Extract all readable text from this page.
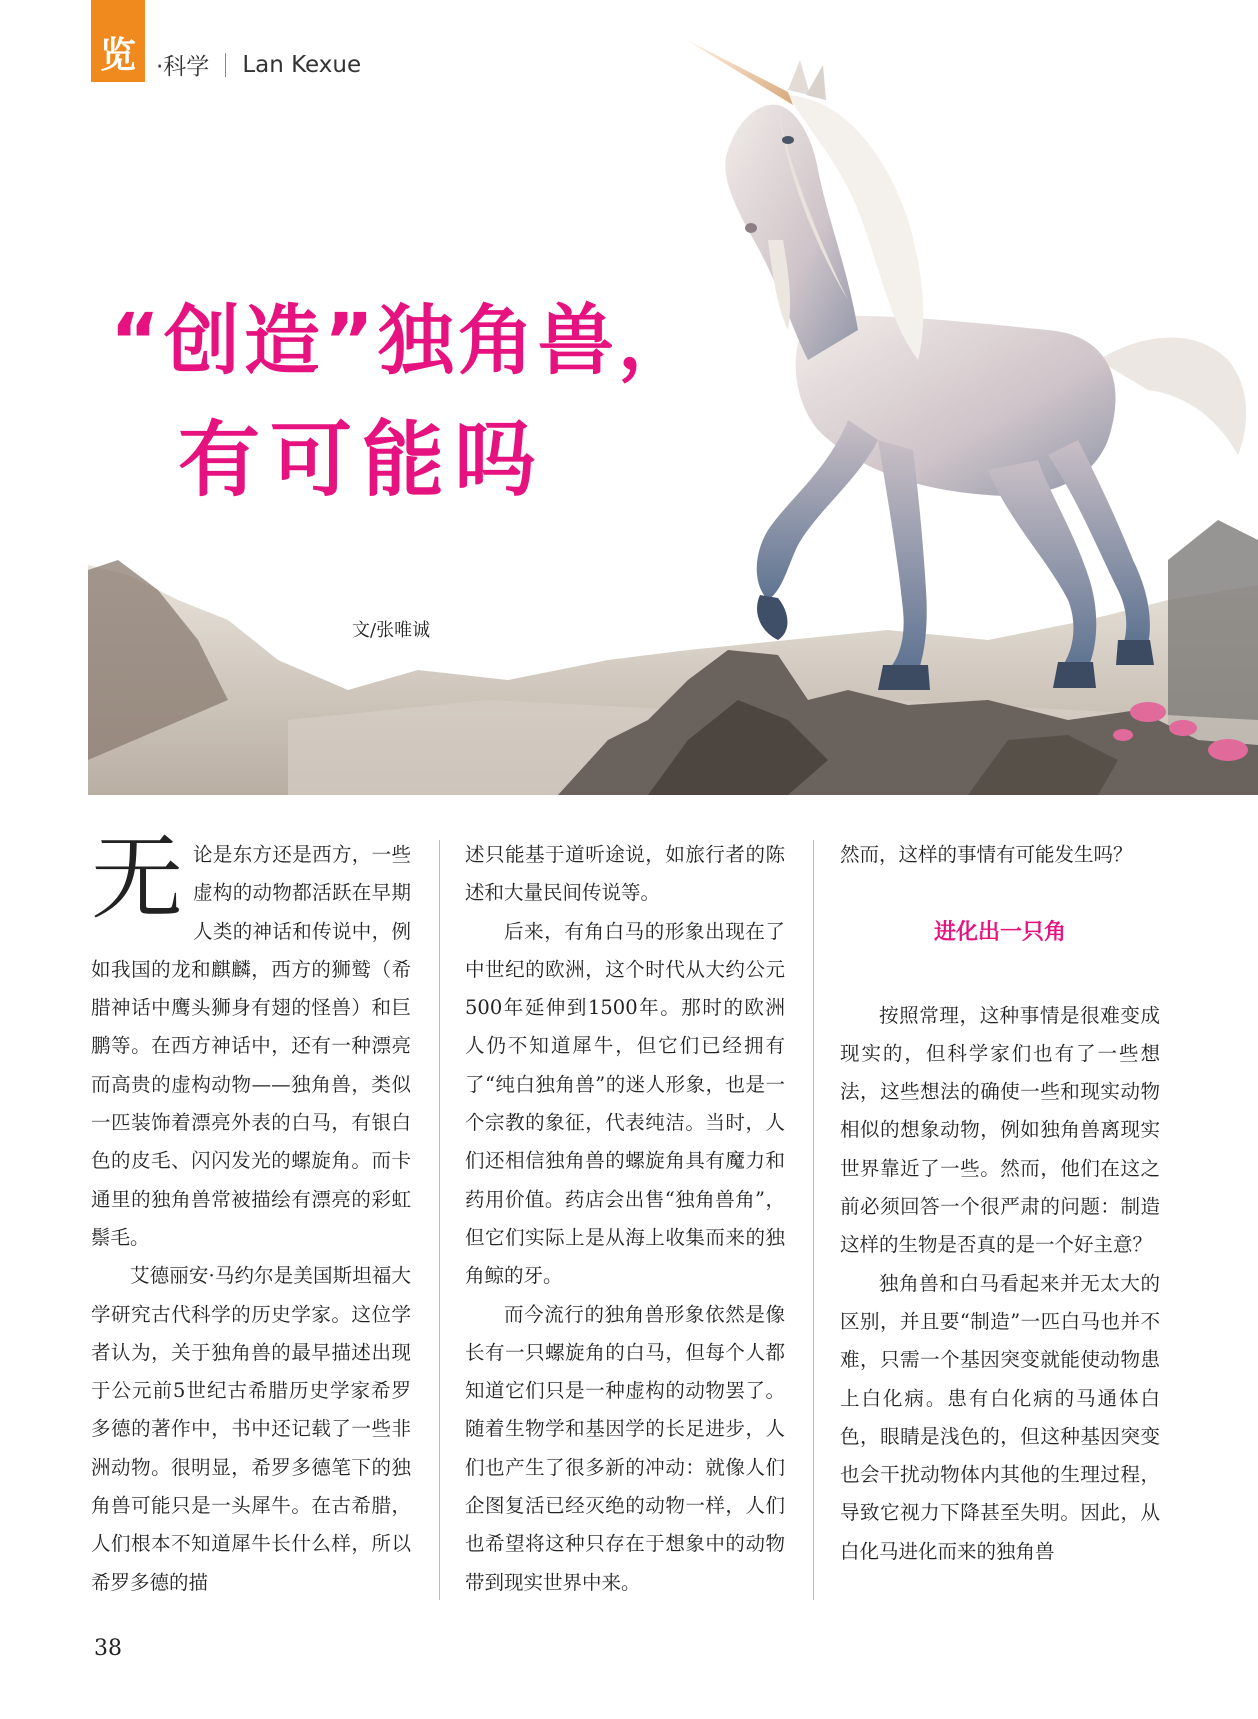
览 ·科学 Lan Kexue
“创造”独角兽，
有可能吗
文/张唯诚

无论是东方还是西方，一些虚构的动物都活跃在早期人类的神话和传说中，例如我国的龙和麒麟，西方的狮鹫（希腊神话中鹰头狮身有翅的怪兽）和巨鹏等。在西方神话中，还有一种漂亮而高贵的虚构动物——独角兽，类似一匹装饰着漂亮外表的白马，有银白色的皮毛、闪闪发光的螺旋角。而卡通里的独角兽常被描绘有漂亮的彩虹鬃毛。

艾德丽安·马约尔是美国斯坦福大学研究古代科学的历史学家。这位学者认为，关于独角兽的最早描述出现于公元前5世纪古希腊历史学家希罗多德的著作中，书中还记载了一些非洲动物。很明显，希罗多德笔下的独角兽可能只是一头犀牛。在古希腊，人们根本不知道犀牛长什么样，所以希罗多德的描

述只能基于道听途说，如旅行者的陈述和大量民间传说等。

后来，有角白马的形象出现在了中世纪的欧洲，这个时代从大约公元500年延伸到1500年。那时的欧洲人仍不知道犀牛，但它们已经拥有了“纯白独角兽”的迷人形象，也是一个宗教的象征，代表纯洁。当时，人们还相信独角兽的螺旋角具有魔力和药用价值。药店会出售“独角兽角”，但它们实际上是从海上收集而来的独角鲸的牙。

而今流行的独角兽形象依然是像长有一只螺旋角的白马，但每个人都知道它们只是一种虚构的动物罢了。随着生物学和基因学的长足进步，人们也产生了很多新的冲动：就像人们企图复活已经灭绝的动物一样，人们也希望将这种只存在于想象中的动物带到现实世界中来。

然而，这样的事情有可能发生吗？

进化出一只角

按照常理，这种事情是很难变成现实的，但科学家们也有了一些想法，这些想法的确使一些和现实动物相似的想象动物，例如独角兽离现实世界靠近了一些。然而，他们在这之前必须回答一个很严肃的问题：制造这样的生物是否真的是一个好主意？

独角兽和白马看起来并无太大的区别，并且要“制造”一匹白马也并不难，只需一个基因突变就能使动物患上白化病。患有白化病的马通体白色，眼睛是浅色的，但这种基因突变也会干扰动物体内其他的生理过程，导致它视力下降甚至失明。因此，从白化马进化而来的独角兽

38
